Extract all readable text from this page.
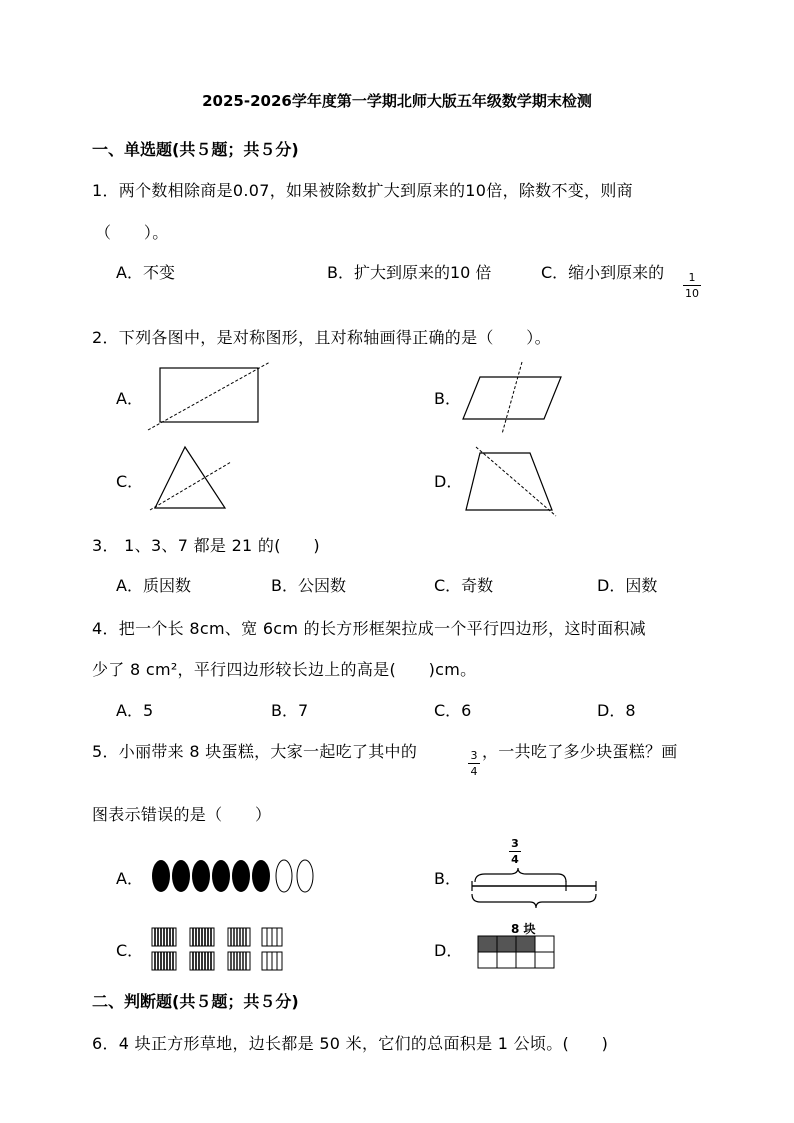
2025-2026学年度第一学期北师大版五年级数学期末检测
一、单选题(共５题；共５分)
1．两个数相除商是0.07，如果被除数扩大到原来的10倍，除数不变，则商
（　　）。
A．不变	B．扩大到原来的10 倍	C．缩小到原来的	1
10
2．下列各图中，是对称图形，且对称轴画得正确的是（　　）。
A．	B．
C．	D．
3． 1、3、7 都是 21 的(　　)
A．质因数	B．公因数	C．奇数	D．因数
4．把一个长 8cm、宽 6cm 的长方形框架拉成一个平行四边形，这时面积减
少了 8 cm²，平行四边形较长边上的高是(　　)cm。
A．5	B．7	C．6	D．8
5．小丽带来 8 块蛋糕，大家一起吃了其中的	3
4
，一共吃了多少块蛋糕？画
图表示错误的是（　　）
A．	B．
C．	D．
3
4
8 块
二、判断题(共５题；共５分)
6．4 块正方形草地，边长都是 50 米，它们的总面积是 1 公顷。(　　)
